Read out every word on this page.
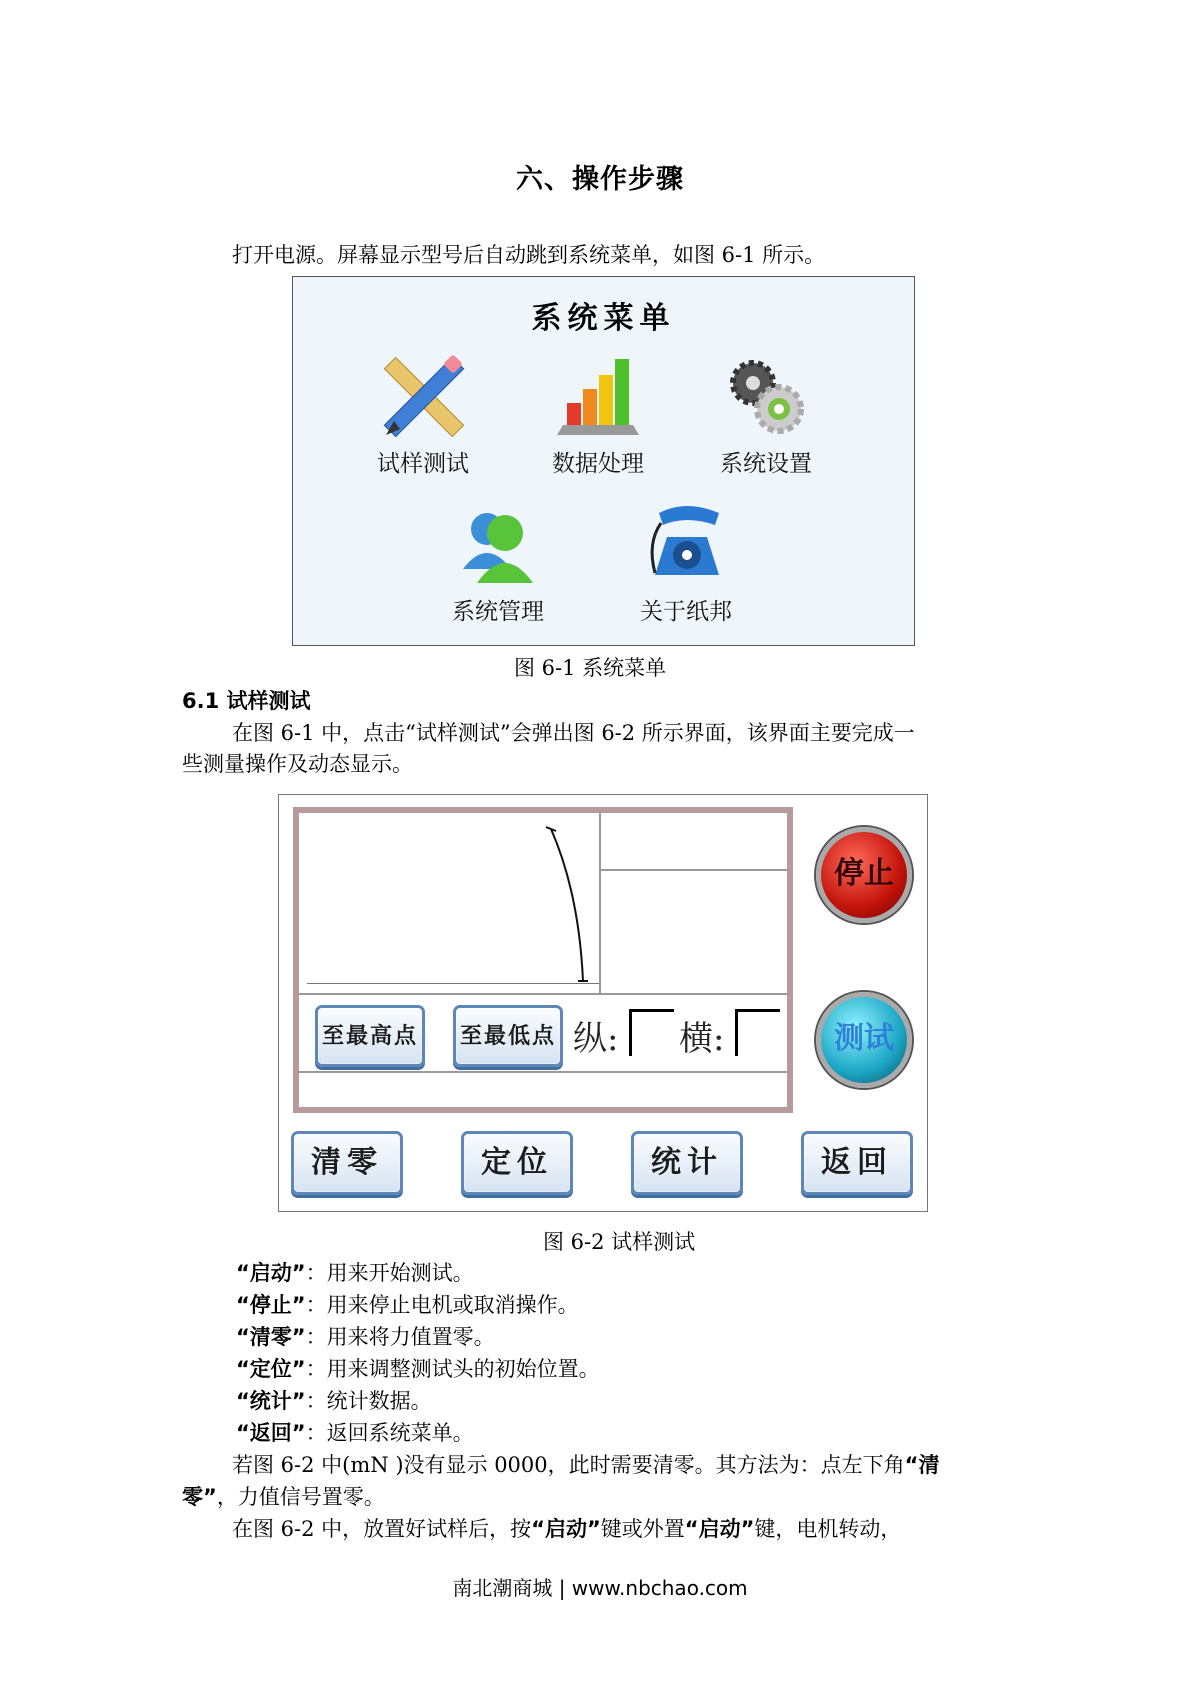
六、操作步骤
打开电源。屏幕显示型号后自动跳到系统菜单，如图 6-1 所示。
系统菜单
试样测试	数据处理	系统设置
系统管理	关于纸邦
图 6-1 系统菜单
6.1 试样测试
在图 6-1 中，点击“试样测试”会弹出图 6-2 所示界面，该界面主要完成一
些测量操作及动态显示。
至最高点	至最低点 纵: 横:
停止
测试
清零	定位	统计	返回
图 6-2 试样测试
“启动”：用来开始测试。
“停止”：用来停止电机或取消操作。
“清零”：用来将力值置零。
“定位”：用来调整测试头的初始位置。
“统计”：统计数据。
“返回”：返回系统菜单。
若图 6-2 中(mN )没有显示 0000，此时需要清零。其方法为：点左下角“清
零”，力值信号置零。
在图 6-2 中，放置好试样后，按“启动”键或外置“启动”键，电机转动，
南北潮商城 | www.nbchao.com
